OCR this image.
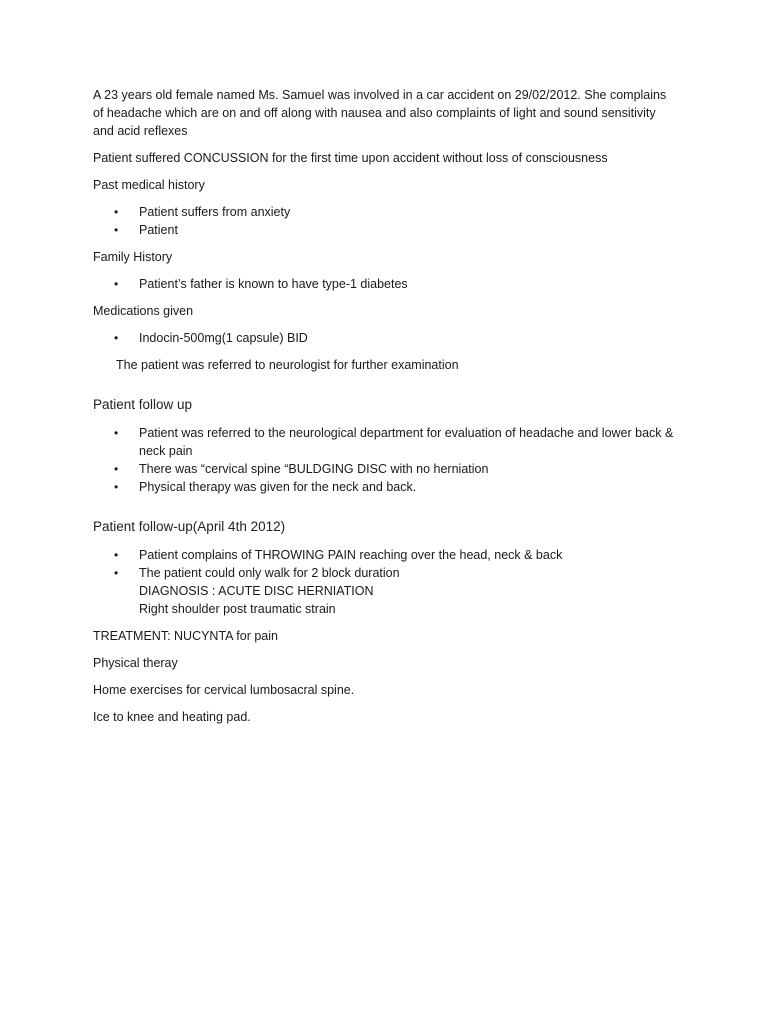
A 23 years old female named Ms. Samuel was involved in a car accident on 29/02/2012. She complains of headache which are on and off along with nausea and also complaints of light and sound sensitivity and acid reflexes

Patient suffered CONCUSSION for the first time upon accident without loss of consciousness

Past medical history

• Patient suffers from anxiety
• Patient

Family History

• Patient’s father is known to have type-1 diabetes

Medications given

• Indocin-500mg(1 capsule) BID

The patient was referred to neurologist for further examination

Patient follow up

• Patient was referred to the neurological department for evaluation of headache and lower back & neck pain
• There was “cervical spine “BULDGING DISC with no herniation
• Physical therapy was given for the neck and back.

Patient follow-up(April 4th 2012)

• Patient complains of THROWING PAIN reaching over the head, neck & back
• The patient could only walk for 2 block duration
DIAGNOSIS : ACUTE DISC HERNIATION
Right shoulder post traumatic strain

TREATMENT: NUCYNTA for pain

Physical theray

Home exercises for cervical lumbosacral spine.

Ice to knee and heating pad.
